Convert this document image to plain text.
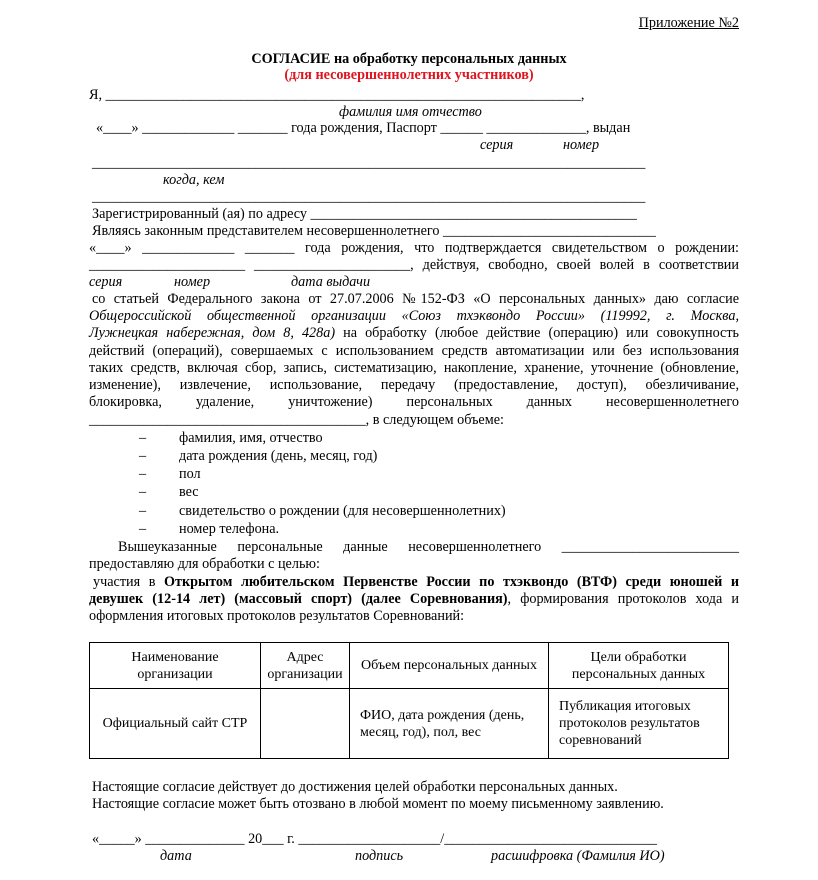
Приложение №2
СОГЛАСИЕ на обработку персональных данных
(для несовершеннолетних участников)
Я, ___________________________________________________________________,
фамилия имя отчество
«____» _____________ _______ года рождения, Паспорт ______ ______________, выдан
серия	номер
______________________________________________________________________________
когда, кем
______________________________________________________________________________
Зарегистрированный (ая) по адресу ______________________________________________
Являясь законным представителем несовершеннолетнего ______________________________
«____» _____________ _______ года рождения, что подтверждается свидетельством о рождении:
______________________ ______________________, действуя, свободно, своей волей в соответствии
серия	номер	дата выдачи
со статьей Федерального закона от 27.07.2006 №152-ФЗ «О персональных данных» даю согласие
Общероссийской общественной организации «Союз тхэквондо России» (119992, г. Москва,
Лужнецкая набережная, дом 8, 428а) на обработку (любое действие (операцию) или совокупность
действий (операций), совершаемых с использованием средств автоматизации или без использования
таких средств, включая сбор, запись, систематизацию, накопление, хранение, уточнение (обновление,
изменение), извлечение, использование, передачу (предоставление, доступ), обезличивание,
блокировка, удаление, уничтожение) персональных данных несовершеннолетнего
_______________________________________, в следующем объеме:
– фамилия, имя, отчество
– дата рождения (день, месяц, год)
– пол
– вес
– свидетельство о рождении (для несовершеннолетних)
– номер телефона.
Вышеуказанные персональные данные несовершеннолетнего _________________________
предоставляю для обработки с целью:
участия в Открытом любительском Первенстве России по тхэквондо (ВТФ) среди юношей и
девушек (12-14 лет) (массовый спорт) (далее Соревнования), формирования протоколов хода и
оформления итоговых протоколов результатов Соревнований:
Наименование организации	Адрес организации	Объем персональных данных	Цели обработки персональных данных
Официальный сайт СТР		ФИО, дата рождения (день, месяц, год), пол, вес	Публикация итоговых протоколов результатов соревнований
Настоящие согласие действует до достижения целей обработки персональных данных.
Настоящие согласие может быть отозвано в любой момент по моему письменному заявлению.
«_____» ______________ 20___ г. ____________________/______________________________
дата	подпись	расшифровка (Фамилия ИО)
